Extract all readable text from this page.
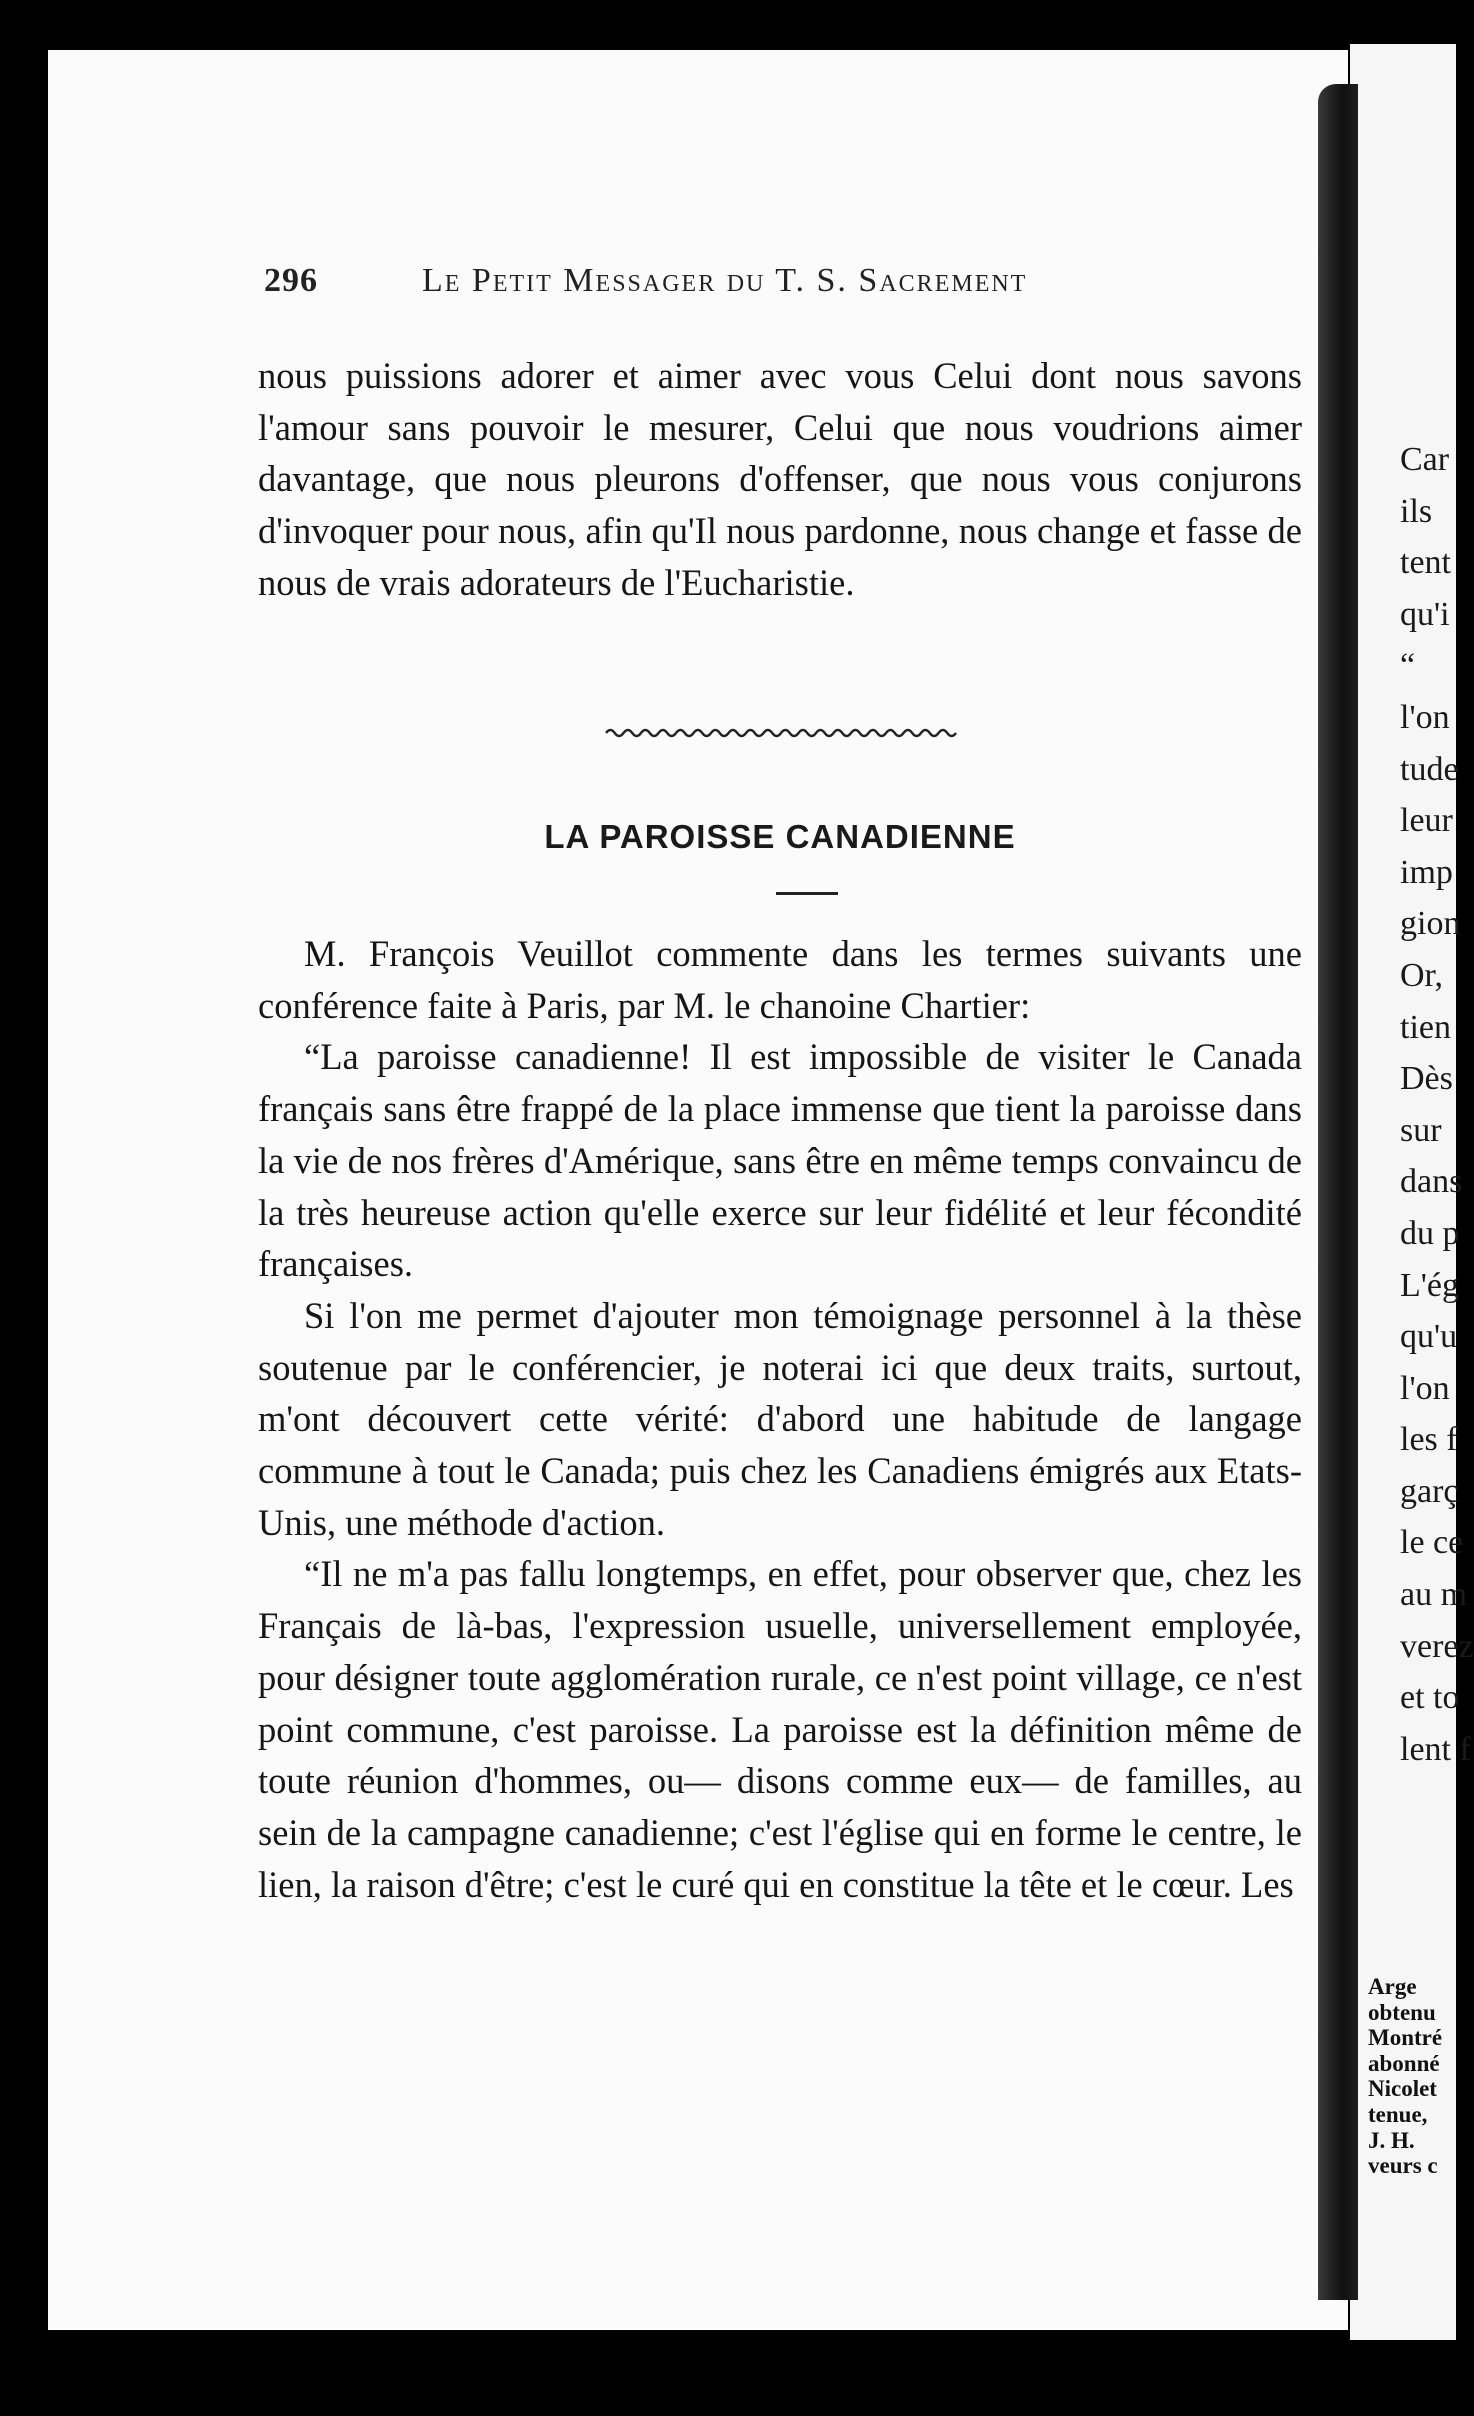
Car
ils
tent
qu'i
“
l'on
tude
leur
imp
gion
Or,
tien
Dès
sur
dans
du p
L'ég
qu'u
l'on
les f
garç
le ce
au m
verez
et to
lent f
Arge
obtenu
Montré
abonné
Nicolet
tenue,
J. H.
veurs c
296	Le Petit Messager du T. S. Sacrement

nous puissions adorer et aimer avec vous Celui dont nous savons l'amour sans pouvoir le mesurer, Celui que nous voudrions aimer davantage, que nous pleurons d'offenser, que nous vous conjurons d'invoquer pour nous, afin qu'Il nous pardonne, nous change et fasse de nous de vrais adorateurs de l'Eucharistie.

LA PAROISSE CANADIENNE

M. François Veuillot commente dans les termes suivants une conférence faite à Paris, par M. le chanoine Chartier:

“La paroisse canadienne! Il est impossible de visiter le Canada français sans être frappé de la place immense que tient la paroisse dans la vie de nos frères d'Amérique, sans être en même temps convaincu de la très heureuse action qu'elle exerce sur leur fidélité et leur fécondité françaises.

Si l'on me permet d'ajouter mon témoignage personnel à la thèse soutenue par le conférencier, je noterai ici que deux traits, surtout, m'ont découvert cette vérité: d'abord une habitude de langage commune à tout le Canada; puis chez les Canadiens émigrés aux Etats-Unis, une méthode d'action.

“Il ne m'a pas fallu longtemps, en effet, pour observer que, chez les Français de là-bas, l'expression usuelle, universellement employée, pour désigner toute agglomération rurale, ce n'est point village, ce n'est point commune, c'est paroisse. La paroisse est la définition même de toute réunion d'hommes, ou— disons comme eux— de familles, au sein de la campagne canadienne; c'est l'église qui en forme le centre, le lien, la raison d'être; c'est le curé qui en constitue la tête et le cœur. Les
